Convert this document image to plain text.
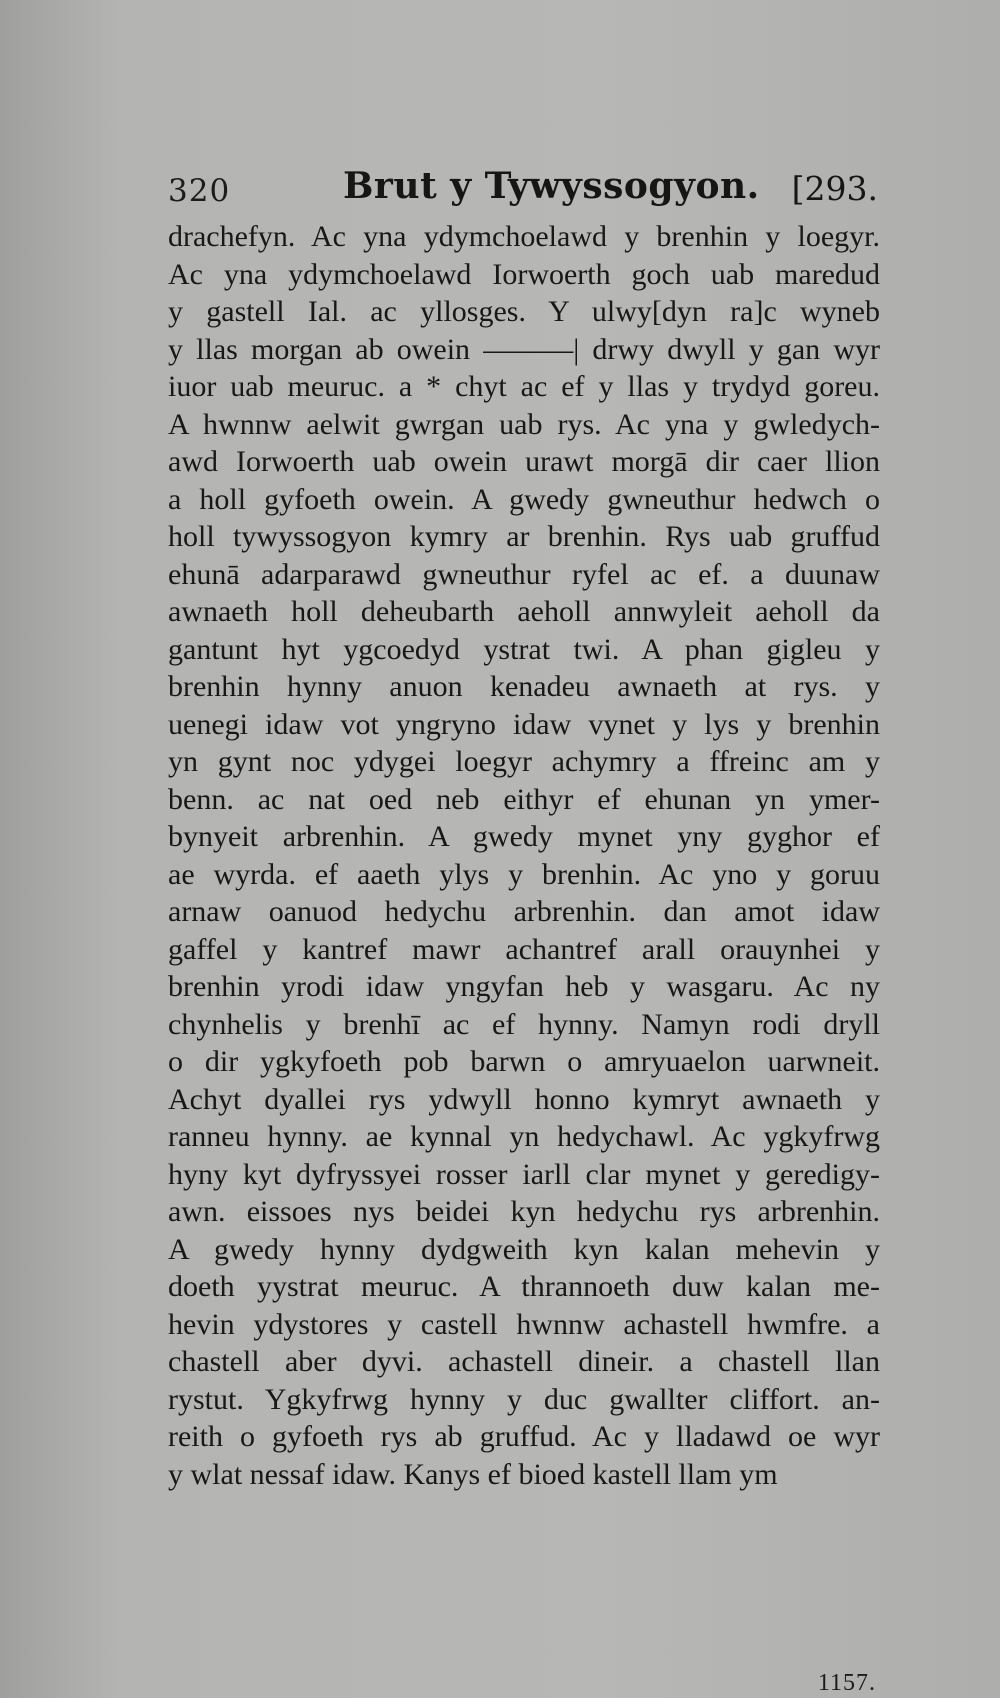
320	Brut y Tywyssogyon. [293.
drachefyn. Ac yna ydymchoelawd y brenhin y loegyr.
Ac yna ydymchoelawd Iorwoerth goch uab maredud
y gastell Ial. ac yllosges. Y ulwy[dyn ra]c wyneb
y llas morgan ab owein ———| drwy dwyll y gan wyr
iuor uab meuruc. a * chyt ac ef y llas y trydyd goreu.
A hwnnw aelwit gwrgan uab rys. Ac yna y gwledych-
awd Iorwoerth uab owein urawt morgā dir caer llion
a holl gyfoeth owein. A gwedy gwneuthur hedwch o
holl tywyssogyon kymry ar brenhin. Rys uab gruffud
ehunā adarparawd gwneuthur ryfel ac ef. a duunaw
awnaeth holl deheubarth aeholl annwyleit aeholl da
gantunt hyt ygcoedyd ystrat twi. A phan gigleu y
brenhin hynny anuon kenadeu awnaeth at rys. y
uenegi idaw vot yngryno idaw vynet y lys y brenhin
yn gynt noc ydygei loegyr achymry a ffreinc am y
benn. ac nat oed neb eithyr ef ehunan yn ymer-
bynyeit arbrenhin. A gwedy mynet yny gyghor ef
ae wyrda. ef aaeth ylys y brenhin. Ac yno y goruu
arnaw oanuod hedychu arbrenhin. dan amot idaw
gaffel y kantref mawr achantref arall orauynhei y
brenhin yrodi idaw yngyfan heb y wasgaru. Ac ny
chynhelis y brenhī ac ef hynny. Namyn rodi dryll
o dir ygkyfoeth pob barwn o amryuaelon uarwneit.
Achyt dyallei rys ydwyll honno kymryt awnaeth y
ranneu hynny. ae kynnal yn hedychawl. Ac ygkyfrwg
hyny kyt dyfryssyei rosser iarll clar mynet y geredigy-
awn. eissoes nys beidei kyn hedychu rys arbrenhin.
A gwedy hynny dydgweith kyn kalan mehevin y
doeth yystrat meuruc. A thrannoeth duw kalan me-
hevin ydystores y castell hwnnw achastell hwmfre. a
chastell aber dyvi. achastell dineir. a chastell llan
rystut. Ygkyfrwg hynny y duc gwallter cliffort. an-
reith o gyfoeth rys ab gruffud. Ac y lladawd oe wyr
y wlat nessaf idaw. Kanys ef bioed kastell llam ym
1157.
